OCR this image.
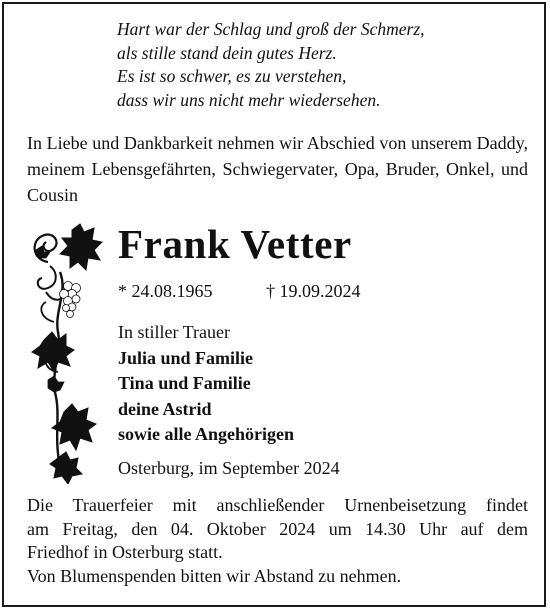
Hart war der Schlag und groß der Schmerz,
als stille stand dein gutes Herz.
Es ist so schwer, es zu verstehen,
dass wir uns nicht mehr wiedersehen.
In Liebe und Dankbarkeit nehmen wir Abschied von unserem Daddy, meinem Lebensgefährten, Schwiegervater, Opa, Bruder, Onkel, und Cousin
Frank Vetter
* 24.08.1965	† 19.09.2024
In stiller Trauer
Julia und Familie
Tina und Familie
deine Astrid
sowie alle Angehörigen
Osterburg, im September 2024
Die Trauerfeier mit anschließender Urnenbeisetzung findet
am Freitag, den 04. Oktober 2024 um 14.30 Uhr auf dem
Friedhof in Osterburg statt.
Von Blumenspenden bitten wir Abstand zu nehmen.
